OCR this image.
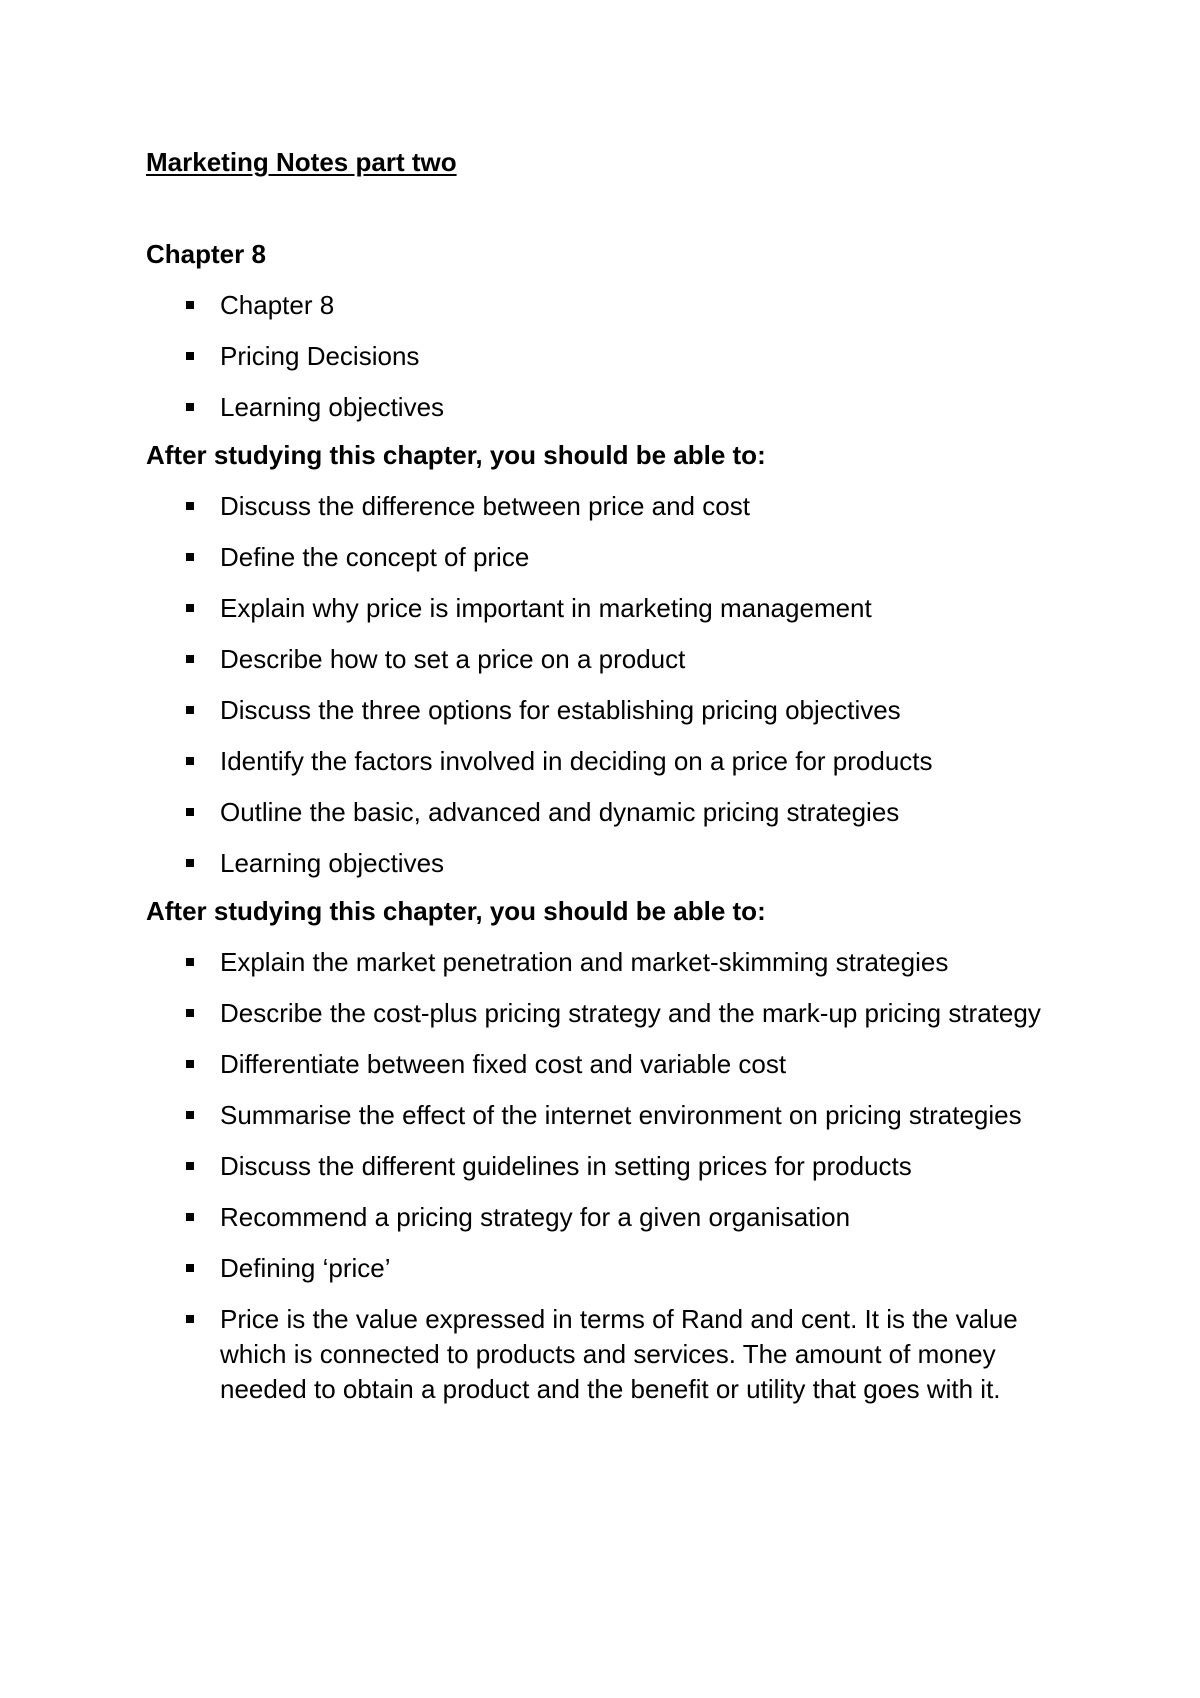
Marketing Notes part two
Chapter 8
Chapter 8
Pricing Decisions
Learning objectives
After studying this chapter, you should be able to:
Discuss the difference between price and cost
Define the concept of price
Explain why price is important in marketing management
Describe how to set a price on a product
Discuss the three options for establishing pricing objectives
Identify the factors involved in deciding on a price for products
Outline the basic, advanced and dynamic pricing strategies
Learning objectives
After studying this chapter, you should be able to:
Explain the market penetration and market-skimming strategies
Describe the cost-plus pricing strategy and the mark-up pricing strategy
Differentiate between fixed cost and variable cost
Summarise the effect of the internet environment on pricing strategies
Discuss the different guidelines in setting prices for products
Recommend a pricing strategy for a given organisation
Defining ‘price’
Price is the value expressed in terms of Rand and cent. It is the value which is connected to products and services. The amount of money needed to obtain a product and the benefit or utility that goes with it.
